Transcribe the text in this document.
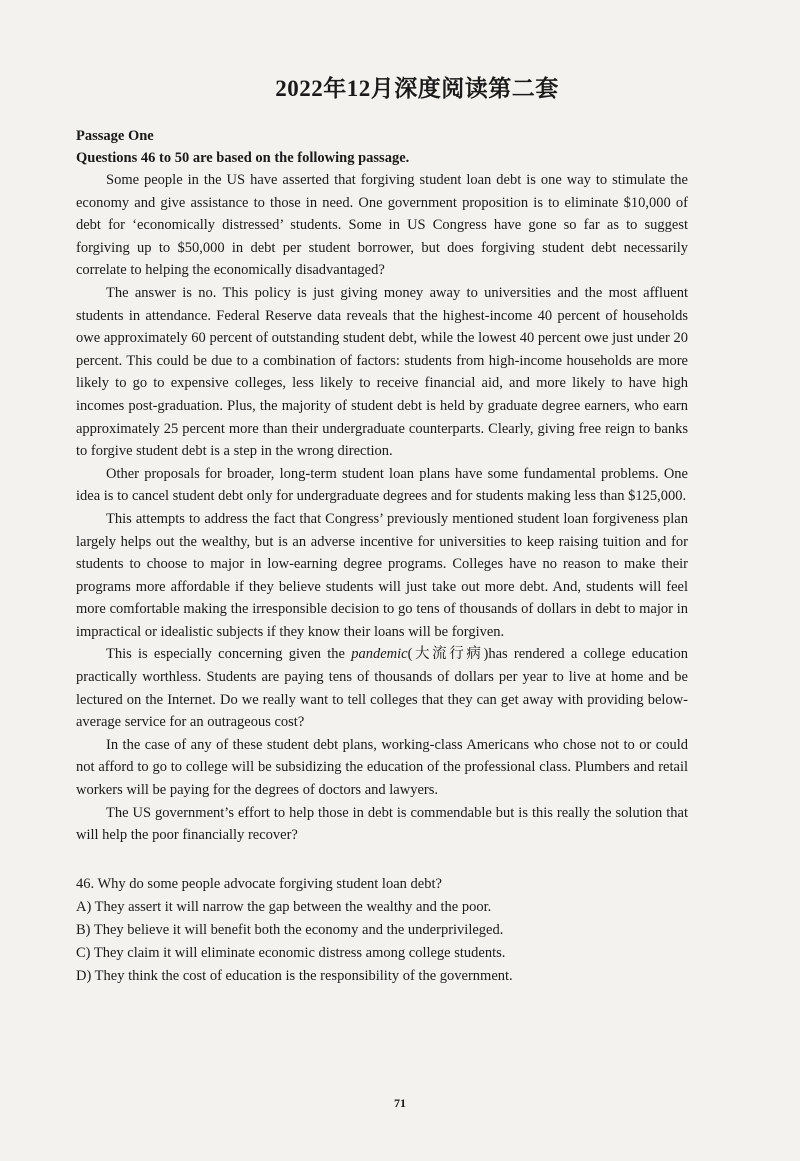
2022年12月深度阅读第二套

Passage One

Questions 46 to 50 are based on the following passage.

Some people in the US have asserted that forgiving student loan debt is one way to stimulate the economy and give assistance to those in need. One government proposition is to eliminate $10,000 of debt for ‘economically distressed’ students. Some in US Congress have gone so far as to suggest forgiving up to $50,000 in debt per student borrower, but does forgiving student debt necessarily correlate to helping the economically disadvantaged?

The answer is no. This policy is just giving money away to universities and the most affluent students in attendance. Federal Reserve data reveals that the highest-income 40 percent of households owe approximately 60 percent of outstanding student debt, while the lowest 40 percent owe just under 20 percent. This could be due to a combination of factors: students from high-income households are more likely to go to expensive colleges, less likely to receive financial aid, and more likely to have high incomes post-graduation. Plus, the majority of student debt is held by graduate degree earners, who earn approximately 25 percent more than their undergraduate counterparts. Clearly, giving free reign to banks to forgive student debt is a step in the wrong direction.

Other proposals for broader, long-term student loan plans have some fundamental problems. One idea is to cancel student debt only for undergraduate degrees and for students making less than $125,000.

This attempts to address the fact that Congress’ previously mentioned student loan forgiveness plan largely helps out the wealthy, but is an adverse incentive for universities to keep raising tuition and for students to choose to major in low-earning degree programs. Colleges have no reason to make their programs more affordable if they believe students will just take out more debt. And, students will feel more comfortable making the irresponsible decision to go tens of thousands of dollars in debt to major in impractical or idealistic subjects if they know their loans will be forgiven.

This is especially concerning given the pandemic(大流行病)has rendered a college education practically worthless. Students are paying tens of thousands of dollars per year to live at home and be lectured on the Internet. Do we really want to tell colleges that they can get away with providing below-average service for an outrageous cost?

In the case of any of these student debt plans, working-class Americans who chose not to or could not afford to go to college will be subsidizing the education of the professional class. Plumbers and retail workers will be paying for the degrees of doctors and lawyers.

The US government’s effort to help those in debt is commendable but is this really the solution that will help the poor financially recover?

46. Why do some people advocate forgiving student loan debt?

A) They assert it will narrow the gap between the wealthy and the poor.

B) They believe it will benefit both the economy and the underprivileged.

C) They claim it will eliminate economic distress among college students.

D) They think the cost of education is the responsibility of the government.

71
